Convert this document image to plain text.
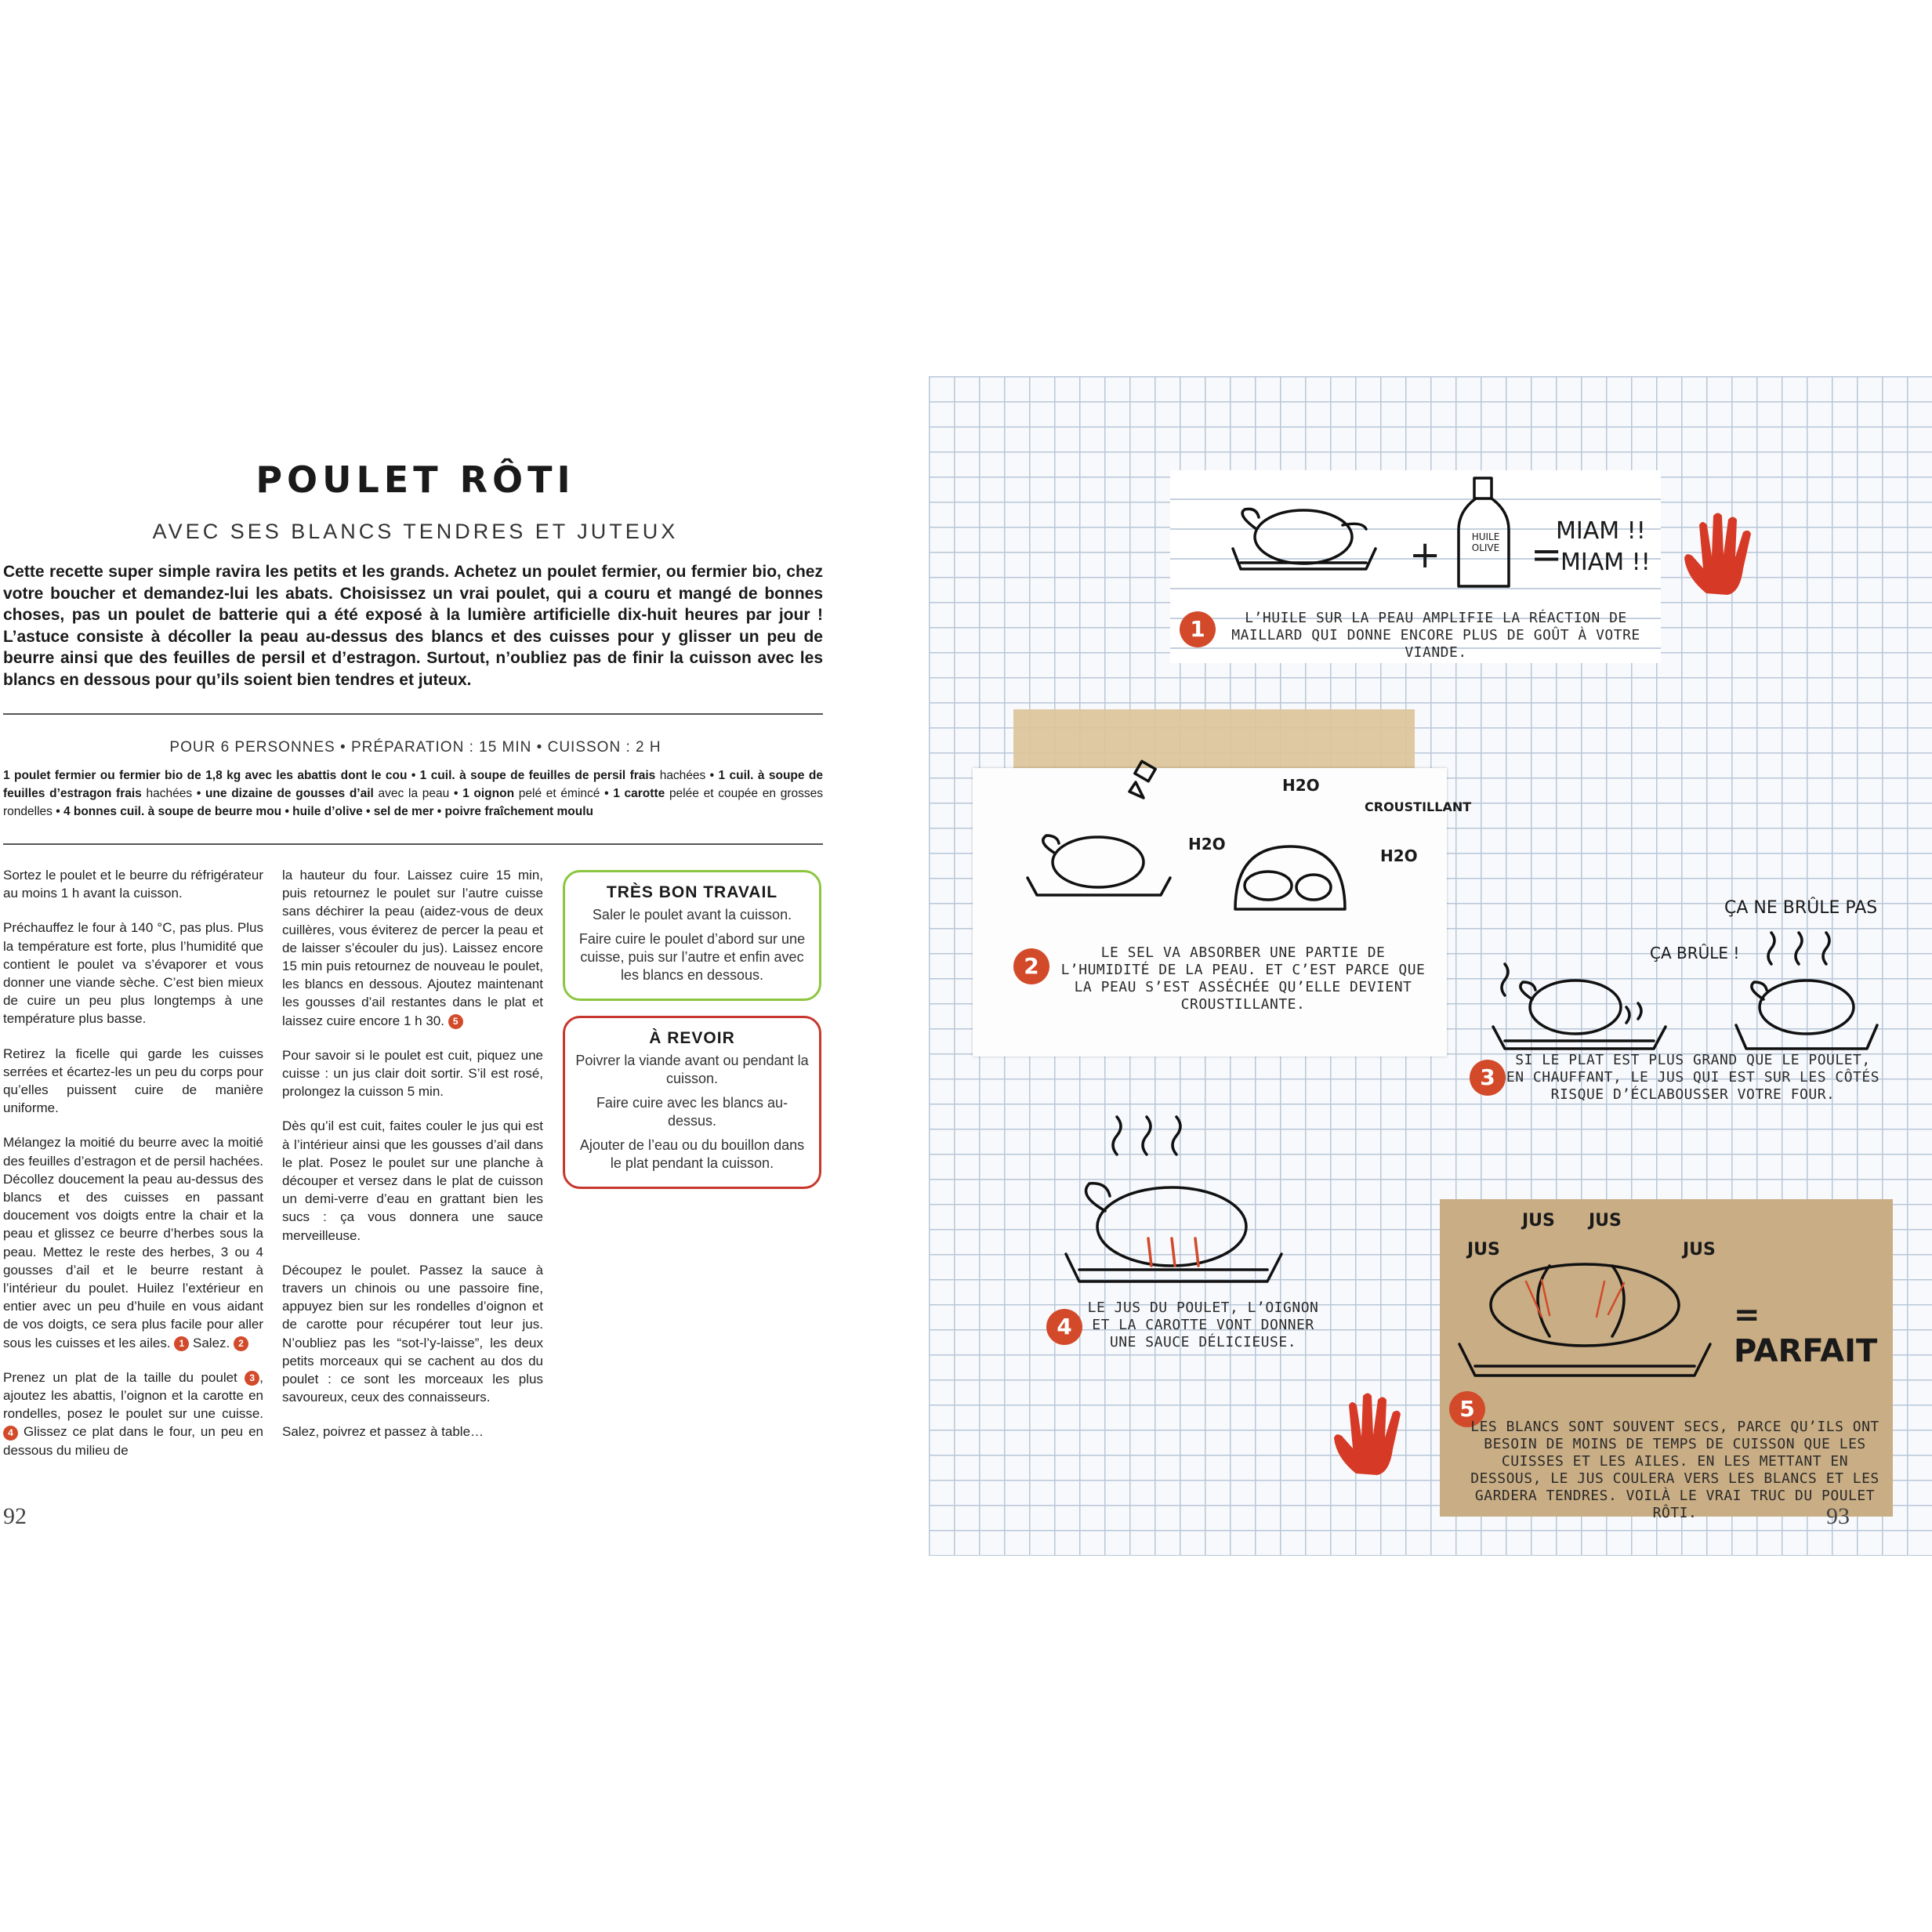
POULET RÔTI
AVEC SES BLANCS TENDRES ET JUTEUX
Cette recette super simple ravira les petits et les grands. Achetez un poulet fermier, ou fermier bio, chez votre boucher et demandez-lui les abats. Choisissez un vrai poulet, qui a couru et mangé de bonnes choses, pas un poulet de batterie qui a été exposé à la lumière artificielle dix-huit heures par jour ! L’astuce consiste à décoller la peau au-dessus des blancs et des cuisses pour y glisser un peu de beurre ainsi que des feuilles de persil et d’estragon. Surtout, n’oubliez pas de finir la cuisson avec les blancs en dessous pour qu’ils soient bien tendres et juteux.
POUR 6 PERSONNES • PRÉPARATION : 15 MIN • CUISSON : 2 H
1 poulet fermier ou fermier bio de 1,8 kg avec les abattis dont le cou • 1 cuil. à soupe de feuilles de persil frais hachées • 1 cuil. à soupe de feuilles d’estragon frais hachées • une dizaine de gousses d’ail avec la peau • 1 oignon pelé et émincé • 1 carotte pelée et coupée en grosses rondelles • 4 bonnes cuil. à soupe de beurre mou • huile d’olive • sel de mer • poivre fraîchement moulu

Sortez le poulet et le beurre du réfrigérateur au moins 1 h avant la cuisson.

Préchauffez le four à 140 °C, pas plus. Plus la température est forte, plus l’humidité que contient le poulet va s’évaporer et vous donner une viande sèche. C’est bien mieux de cuire un peu plus longtemps à une température plus basse.

Retirez la ficelle qui garde les cuisses serrées et écartez-les un peu du corps pour qu’elles puissent cuire de manière uniforme.

Mélangez la moitié du beurre avec la moitié des feuilles d’estragon et de persil hachées. Décollez doucement la peau au-dessus des blancs et des cuisses en passant doucement vos doigts entre la chair et la peau et glissez ce beurre d’herbes sous la peau. Mettez le reste des herbes, 3 ou 4 gousses d’ail et le beurre restant à l’intérieur du poulet. Huilez l’extérieur en entier avec un peu d’huile en vous aidant de vos doigts, ce sera plus facile pour aller sous les cuisses et les ailes. 1 Salez. 2

Prenez un plat de la taille du poulet 3 , ajoutez les abattis, l’oignon et la carotte en rondelles, posez le poulet sur une cuisse. 4 Glissez ce plat dans le four, un peu en dessous du milieu de

la hauteur du four. Laissez cuire 15 min, puis retournez le poulet sur l’autre cuisse sans déchirer la peau (aidez-vous de deux cuillères, vous éviterez de percer la peau et de laisser s’écouler du jus). Laissez encore 15 min puis retournez de nouveau le poulet, les blancs en dessous. Ajoutez maintenant les gousses d’ail restantes dans le plat et laissez cuire encore 1 h 30. 5

Pour savoir si le poulet est cuit, piquez une cuisse : un jus clair doit sortir. S’il est rosé, prolongez la cuisson 5 min.

Dès qu’il est cuit, faites couler le jus qui est à l’intérieur ainsi que les gousses d’ail dans le plat. Posez le poulet sur une planche à découper et versez dans le plat de cuisson un demi-verre d’eau en grattant bien les sucs : ça vous donnera une sauce merveilleuse.

Découpez le poulet. Passez la sauce à travers un chinois ou une passoire fine, appuyez bien sur les rondelles d’oignon et de carotte pour récupérer tout leur jus. N’oubliez pas les “sot-l’y-laisse”, les deux petits morceaux qui se cachent au dos du poulet : ce sont les morceaux les plus savoureux, ceux des connaisseurs.

Salez, poivrez et passez à table…

TRÈS BON TRAVAIL

Saler le poulet avant la cuisson.

Faire cuire le poulet d’abord sur une cuisse, puis sur l’autre et enfin avec les blancs en dessous.

À REVOIR

Poivrer la viande avant ou pendant la cuisson.

Faire cuire avec les blancs au-dessus.

Ajouter de l’eau ou du bouillon dans le plat pendant la cuisson.

92
+	HUILE OLIVE =
MIAM !!
MIAM !!
1	L’HUILE SUR LA PEAU AMPLIFIE LA RÉACTION DE MAILLARD QUI DONNE ENCORE PLUS DE GOÛT À VOTRE VIANDE.
H2O
H2O
H2O
CROUSTILLANT
2
LE SEL VA ABSORBER UNE PARTIE DE L’HUMIDITÉ DE LA PEAU. ET C’EST PARCE QUE LA PEAU S’EST ASSÉCHÉE QU’ELLE DEVIENT CROUSTILLANTE.
ÇA NE BRÛLE PAS
ÇA BRÛLE !
3
SI LE PLAT EST PLUS GRAND QUE LE POULET, EN CHAUFFANT, LE JUS QUI EST SUR LES CÔTÉS RISQUE D’ÉCLABOUSSER VOTRE FOUR.
4
LE JUS DU POULET, L’OIGNON ET LA CAROTTE VONT DONNER UNE SAUCE DÉLICIEUSE.
JUS JUS
JUS	JUS
= PARFAIT
5
LES BLANCS SONT SOUVENT SECS, PARCE QU’ILS ONT BESOIN DE MOINS DE TEMPS DE CUISSON QUE LES CUISSES ET LES AILES. EN LES METTANT EN DESSOUS, LE JUS COULERA VERS LES BLANCS ET LES GARDERA TENDRES. VOILÀ LE VRAI TRUC DU POULET RÔTI.	93
